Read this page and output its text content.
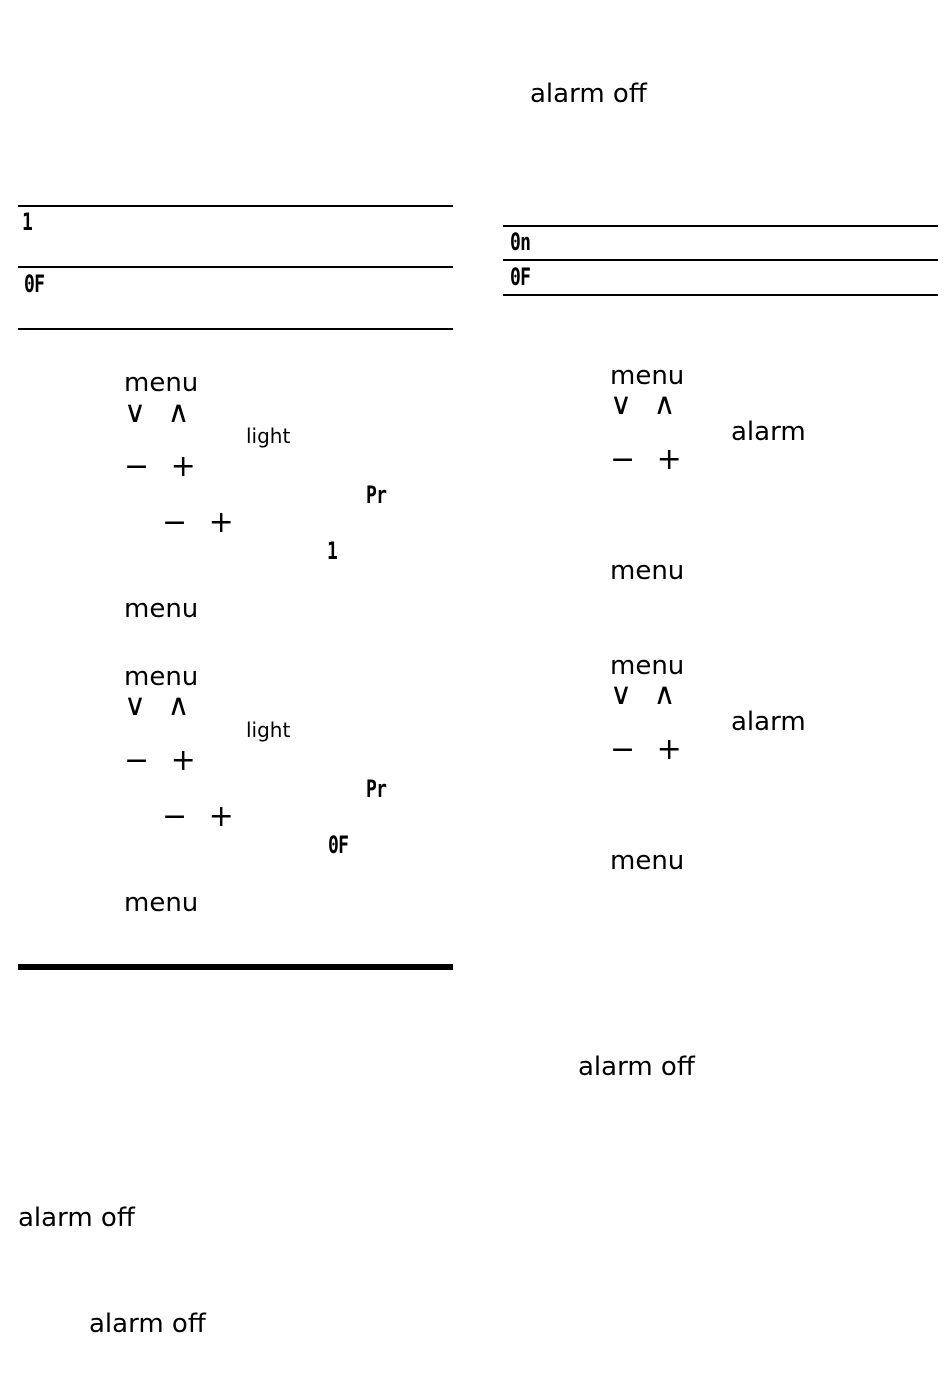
1
0F
menu
∨ ∧
light
− +
Pr
− +
1
menu
menu
∨ ∧
light
− +
Pr
− +
0F
menu
alarm off
alarm off
alarm off
0n
0F
menu
∨ ∧
alarm
− +
menu
menu
∨ ∧
alarm
− +
menu
alarm off
